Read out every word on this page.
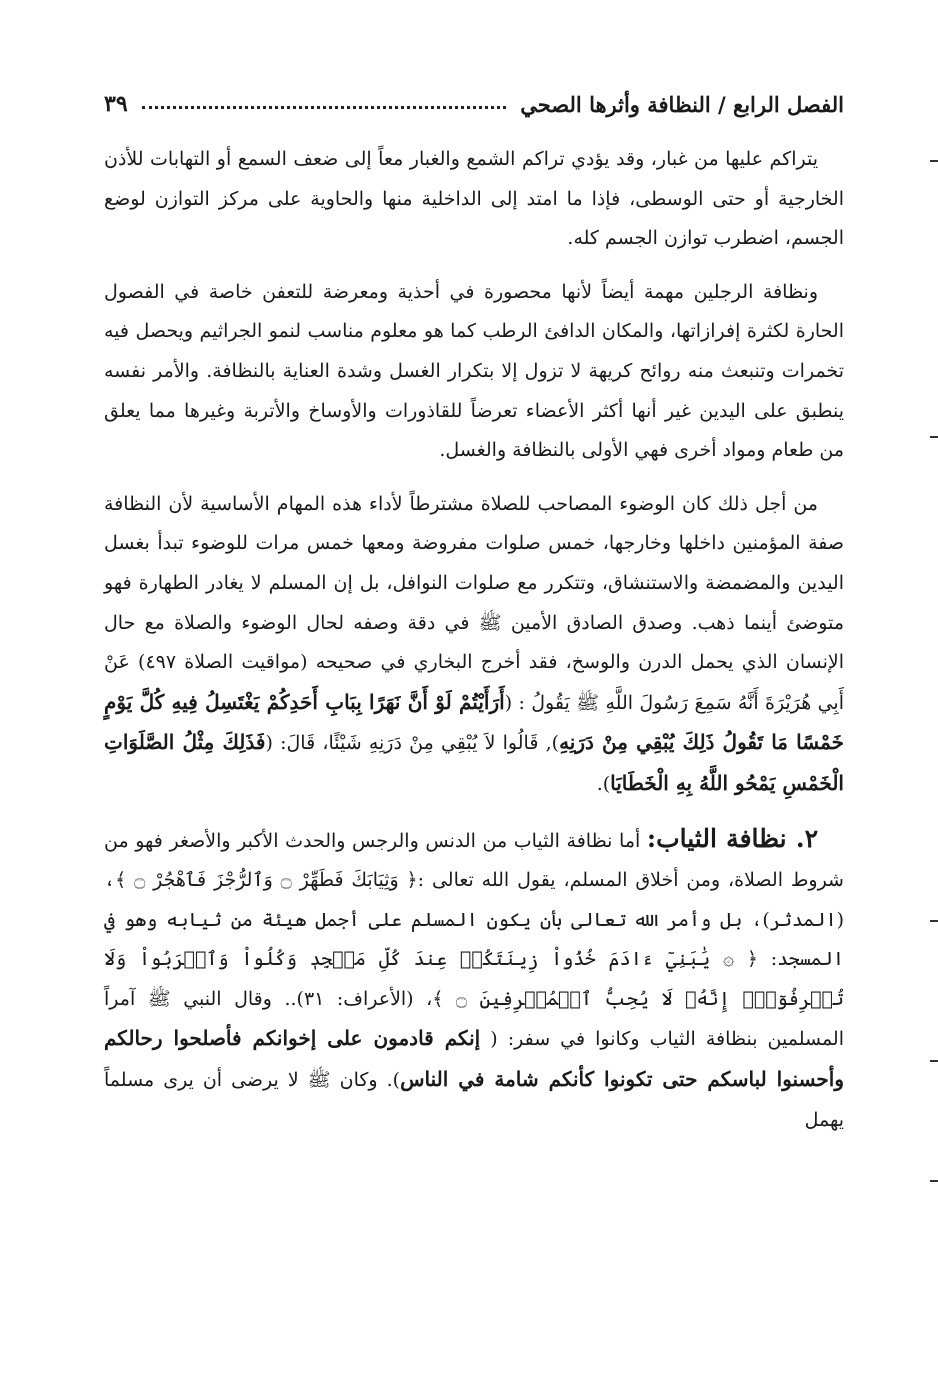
الفصل الرابع / النظافة وأثرها الصحي
٣٩

يتراكم عليها من غبار، وقد يؤدي تراكم الشمع والغبار معاً إلى ضعف السمع أو التهابات للأذن الخارجية أو حتى الوسطى، فإذا ما امتد إلى الداخلية منها والحاوية على مركز التوازن لوضع الجسم، اضطرب توازن الجسم كله.

ونظافة الرجلين مهمة أيضاً لأنها محصورة في أحذية ومعرضة للتعفن خاصة في الفصول الحارة لكثرة إفرازاتها، والمكان الدافئ الرطب كما هو معلوم مناسب لنمو الجراثيم ويحصل فيه تخمرات وتنبعث منه روائح كريهة لا تزول إلا بتكرار الغسل وشدة العناية بالنظافة. والأمر نفسه ينطبق على اليدين غير أنها أكثر الأعضاء تعرضاً للقاذورات والأوساخ والأتربة وغيرها مما يعلق من طعام ومواد أخرى فهي الأولى بالنظافة والغسل.

من أجل ذلك كان الوضوء المصاحب للصلاة مشترطاً لأداء هذه المهام الأساسية لأن النظافة صفة المؤمنين داخلها وخارجها، خمس صلوات مفروضة ومعها خمس مرات للوضوء تبدأ بغسل اليدين والمضمضة والاستنشاق، وتتكرر مع صلوات النوافل، بل إن المسلم لا يغادر الطهارة فهو متوضئ أينما ذهب. وصدق الصادق الأمين ﷺ في دقة وصفه لحال الوضوء والصلاة مع حال الإنسان الذي يحمل الدرن والوسخ، فقد أخرج البخاري في صحيحه (مواقيت الصلاة ٤٩٧) عَنْ أَبِي هُرَيْرَةَ أَنَّهُ سَمِعَ رَسُولَ اللَّهِ ﷺ يَقُولُ : (أَرَأَيْتُمْ لَوْ أَنَّ نَهَرًا بِبَابِ أَحَدِكُمْ يَغْتَسِلُ فِيهِ كُلَّ يَوْمٍ خَمْسًا مَا تَقُولُ ذَلِكَ يُبْقِي مِنْ دَرَنِهِ), قَالُوا لاَ يُبْقِي مِنْ دَرَنِهِ شَيْئًا، قَالَ: (فَذَلِكَ مِثْلُ الصَّلَوَاتِ الْخَمْسِ يَمْحُو اللَّهُ بِهِ الْخَطَايَا).

٢. نظافة الثياب: أما نظافة الثياب من الدنس والرجس والحدث الأكبر والأصغر فهو من شروط الصلاة، ومن أخلاق المسلم، يقول الله تعالى :﴿ وَثِيَابَكَ فَطَهِّرْ ۝ وَٱلرُّجْزَ فَٱهْجُرْ ۝ ﴾، (المدثر)، بل وأمر الله تعالى بأن يكون المسلم على أجمل هيئة من ثيابه وهو في المسجد: ﴿ ۞ يَٰبَنِيٓ ءَادَمَ خُذُواْ زِينَتَكُمۡ عِندَ كُلِّ مَسۡجِدٖ وَكُلُواْ وَٱشۡرَبُواْ وَلَا تُسۡرِفُوٓاْۚ إِنَّهُۥ لَا يُحِبُّ ٱلۡمُسۡرِفِينَ ۝ ﴾، (الأعراف: ٣١).. وقال النبي ﷺ آمراً المسلمين بنظافة الثياب وكانوا في سفر: ( إنكم قادمون على إخوانكم فأصلحوا رحالكم وأحسنوا لباسكم حتى تكونوا كأنكم شامة في الناس). وكان ﷺ لا يرضى أن يرى مسلماً يهمل
